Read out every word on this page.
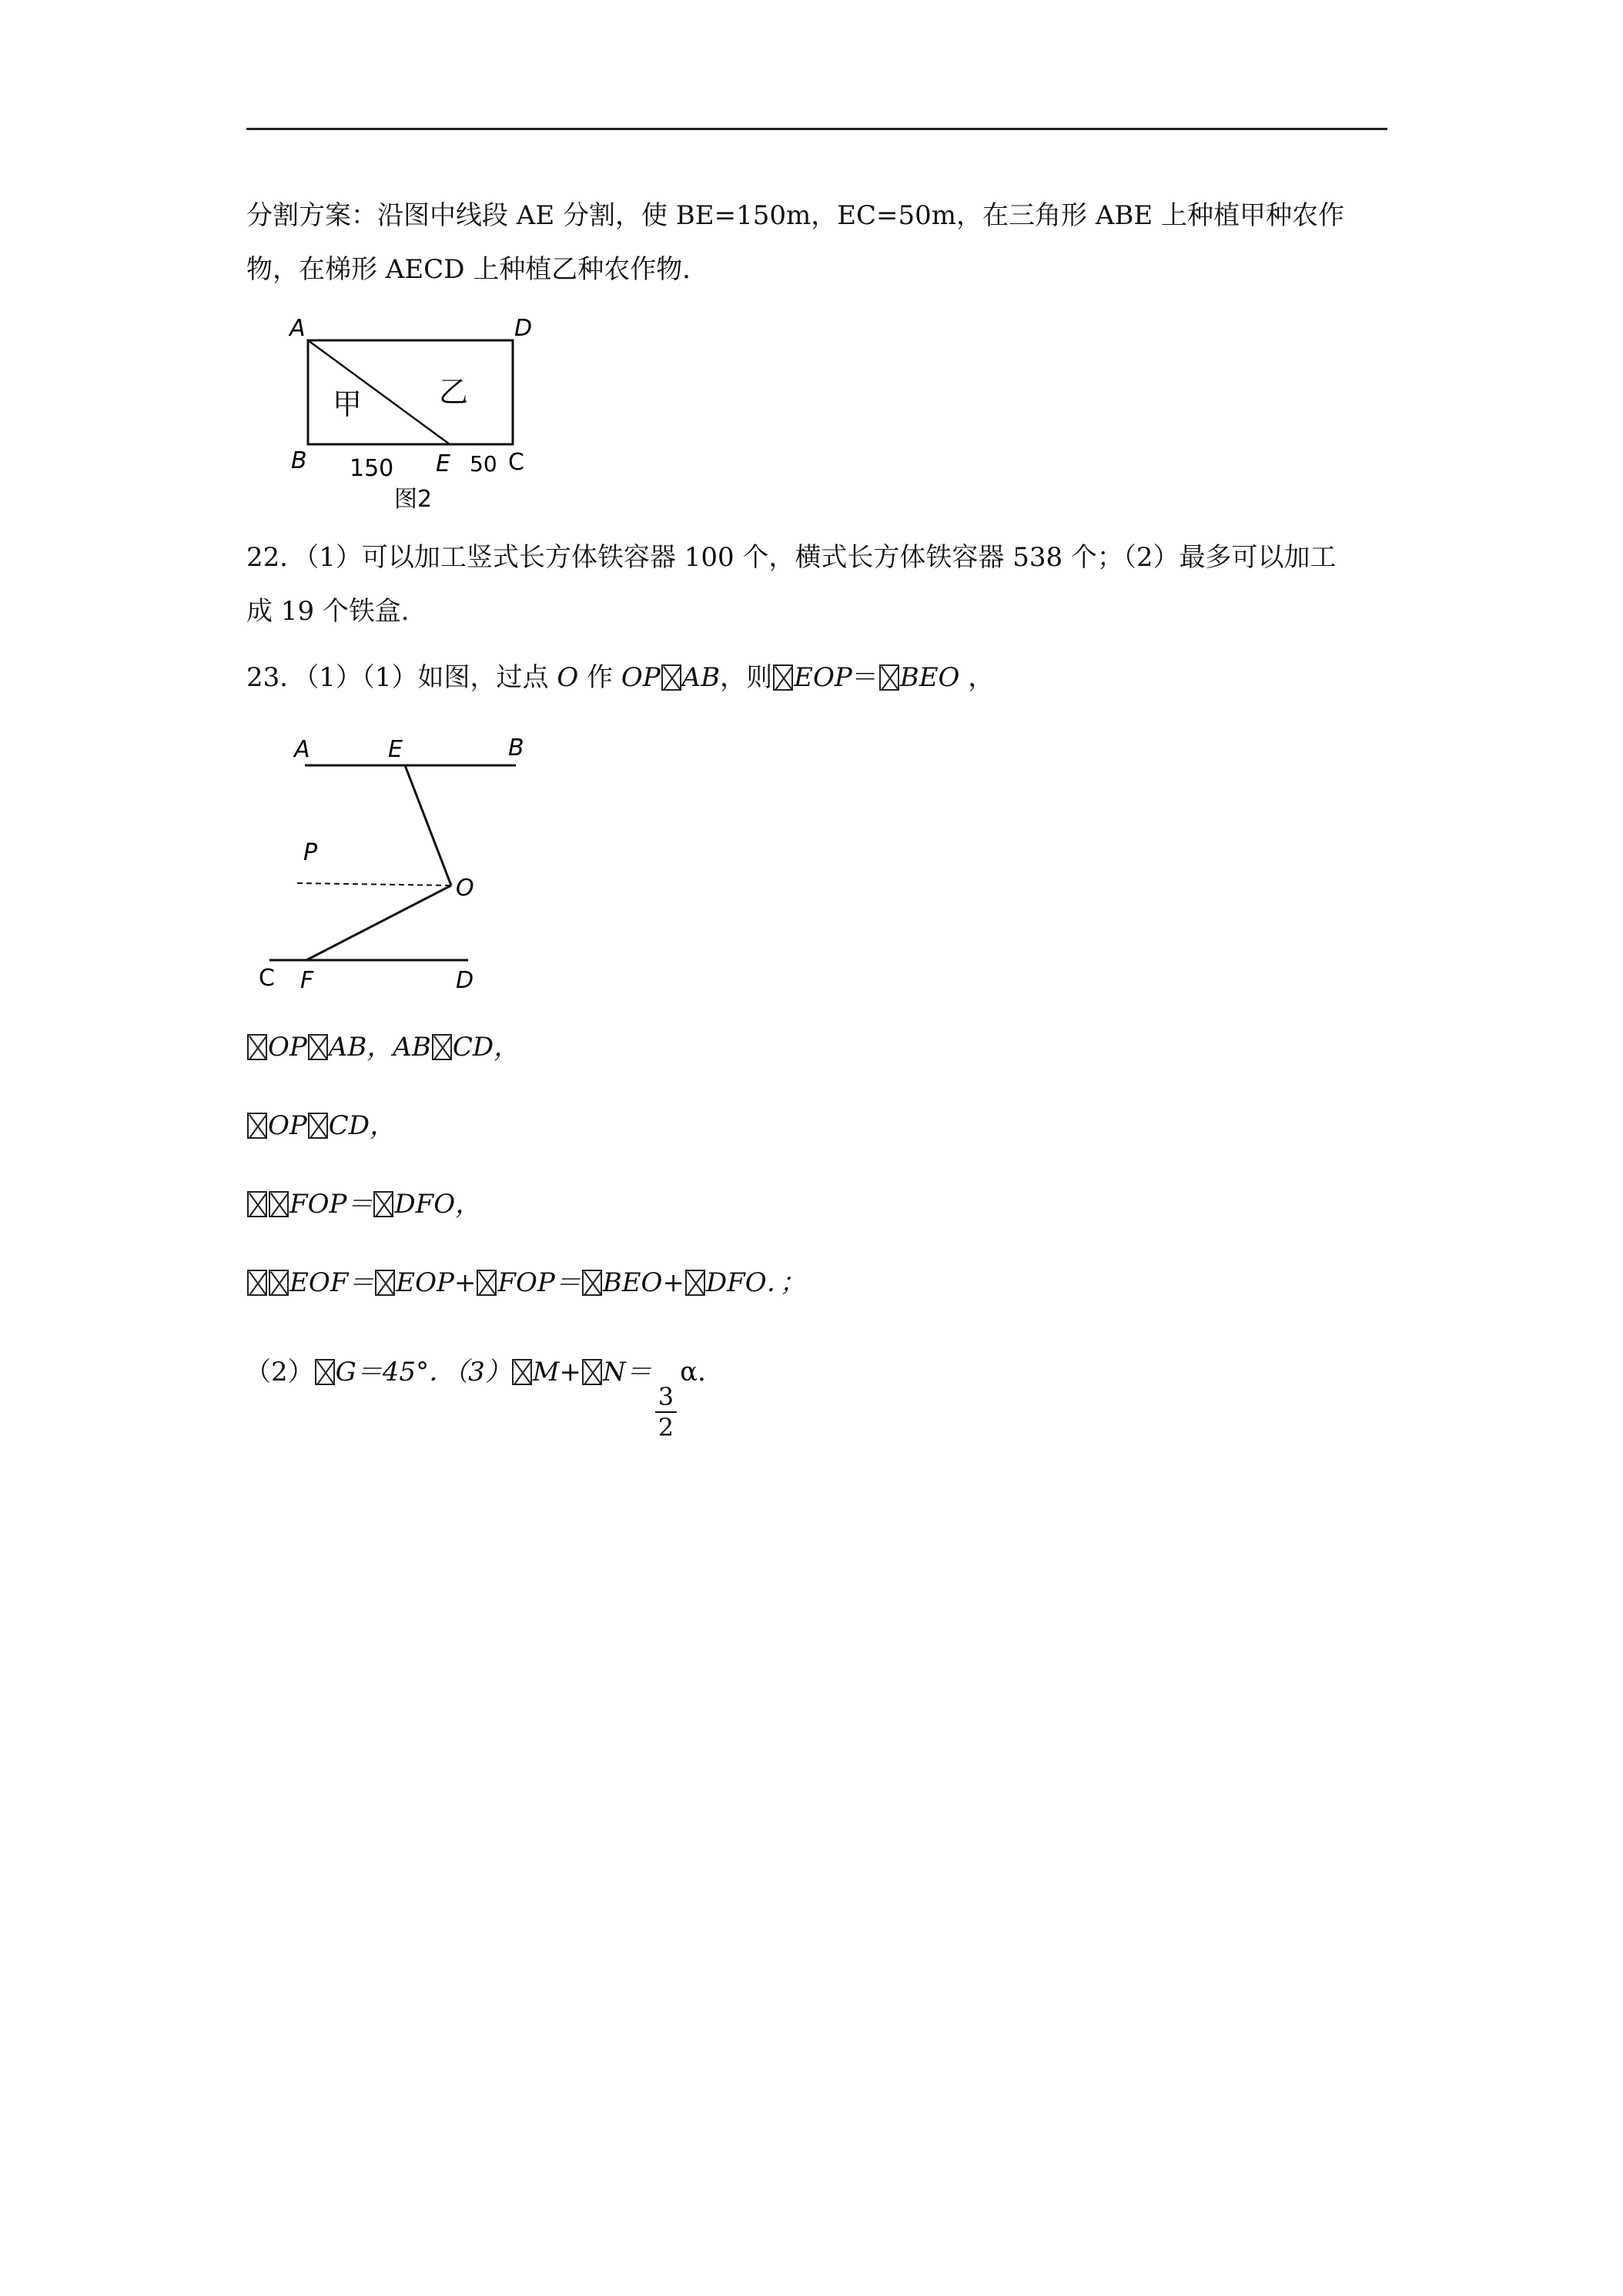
分割方案：沿图中线段 AE 分割，使 BE=150m，EC=50m，在三角形 ABE 上种植甲种农作
物，在梯形 AECD 上种植乙种农作物．
A	D
B	E	C
甲	乙
150	50
图2
22．（1）可以加工竖式长方体铁容器 100 个，横式长方体铁容器 538 个；（2）最多可以加工
成 19 个铁盒．
23．（1）（1）如图，过点 O 作 OP AB，则 EOP＝ BEO ，
A	E	B
P
O
C F	D
OP AB，AB CD，
OP CD，
FOP＝ DFO，
EOF＝ EOP+ FOP＝ BEO+ DFO．；
（2） G＝45°．（3） M+ N＝
$\frac{3}{2}$
α．
